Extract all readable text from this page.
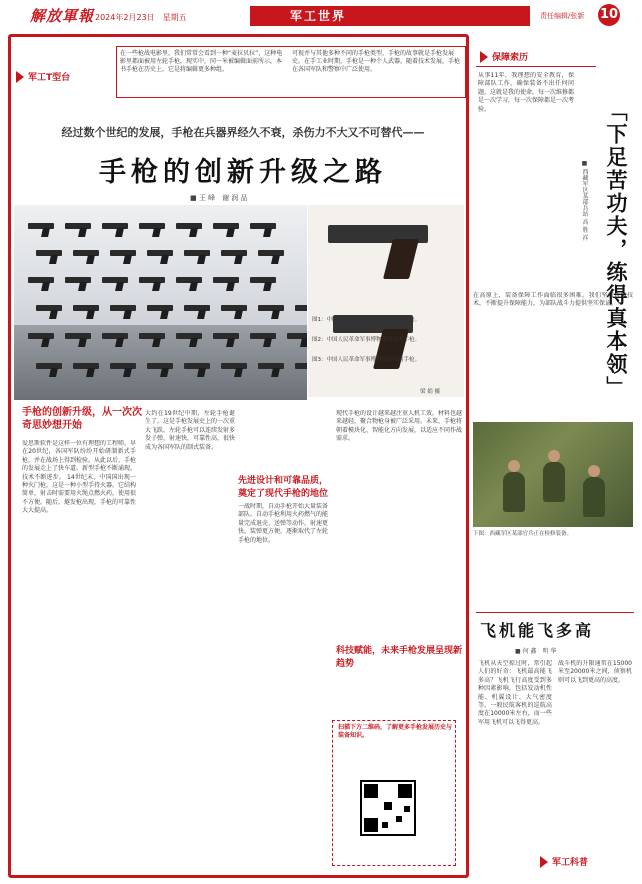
解放軍報 2024年2月23日　星期五	军工世界	责任编辑/张新 10
军工T型台
在一些枪战电影里，我们常常会看到一种“麦拉贝拉”，这种电影里都面被用左轮手枪，现实中，同一米被编辑面前所示，本书手枪在历史上，它是将编辑更多种组。
可视并与其他多种不同的手枪类型，手枪的故事就是手枪发展史。在手工业时期，手枪是一种个人武器，随着技术发展，手枪在各国军队和警察中广泛使用。
经过数个世纪的发展，手枪在兵器界经久不衰，杀伤力不大又不可替代——
手枪的创新升级之路
■ 王 峰　谢 润 品
图1：中国人民革命军事博物馆展出的手枪。
图2：中国人民革命军事博物馆展出的手枪。
图3：中国人民革命军事博物馆展出的手枪。
梁 娟 摄
手枪的创新升级，从一次次奇思妙想开始
爱思斯软件是这样一位有理想的工程师。早在20世纪，各国军队纷纷开始研制新式手枪，并在战场上得到检验。从此以后，手枪的发展走上了快车道。新型手枪不断涌现，技术不断进步。 14世纪末，中国国出现一种火门枪，这是一种小型手持火器。它结构简单，射击时需要用火绳点燃火药，使用很不方便。随后，燧发枪出现，手枪的可靠性大大提高。
大约在19世纪中期，左轮手枪诞生了，这是手枪发展史上的一次重大飞跃。左轮手枪可以连续发射多发子弹，射速快，可靠性高，很快成为各国军队的制式装备。
先进设计和可靠品质，奠定了现代手枪的地位
一战时期，自动手枪开始大量装备部队。自动手枪利用火药燃气的能量完成退壳、送弹等动作，射速更快，装弹更方便，逐渐取代了左轮手枪的地位。
现代手枪的设计越来越注重人机工效，材料也越来越轻，聚合物枪身被广泛采用。未来，手枪将朝着模块化、智能化方向发展，以适应不同作战需求。
科技赋能，未来手枪发展呈现新趋势
扫描下方二维码，了解更多手枪发展历史与装备知识。
保障索历
从事11年，我理想的安全教育，保障部队工作，确保装备不出任何问题，这就是我的使命。每一次维修都是一次学习，每一次保障都是一次考验。	「下足苦功夫，练得真本领」
■ 西藏军区某部兵站 高 胜 祥
在高原上，装备保障工作面临很多困难。我们坚持苦练技术，不断提升保障能力，为部队战斗力提供坚实保证。
下图：西藏军区某部官兵正在检修装备。
飞机能飞多高
■ 何 鑫　明 华
飞机从天空掠过时，常引起人们的好奇：飞机最高能飞多高？飞机飞行高度受到多种因素影响，包括发动机性能、机翼设计、大气密度等。一般民航客机的巡航高度在10000米左右，而一些军用飞机可以飞得更高。
战斗机的升限通常在15000米至20000米之间，侦察机则可以飞到更高的高度。
军工科普
